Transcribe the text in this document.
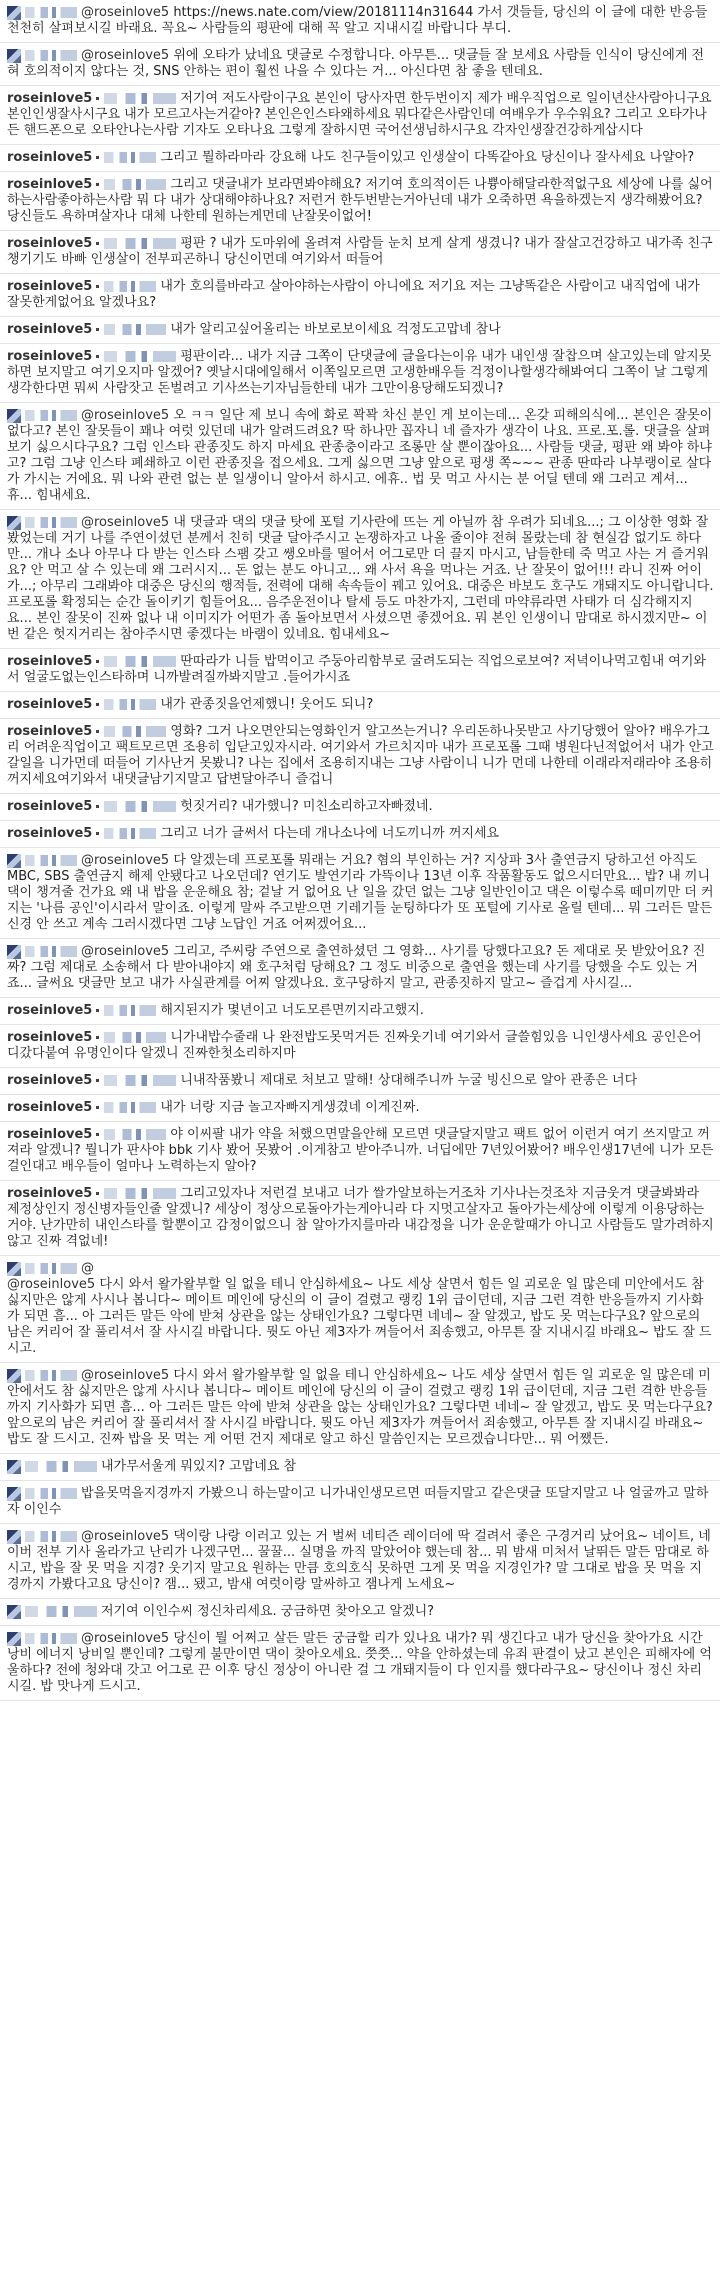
@roseinlove5 https://news.nate.com/view/20181114n31644 가서 갯들들, 당신의 이 글에 대한 반응들 천천히 살펴보시길 바래요. 꼭요~ 사람들의 평판에 대해 꼭 알고 지내시길 바랍니다 부디.
@roseinlove5 위에 오타가 났네요 댓글로 수정합니다. 아무튼... 댓글들 잘 보세요 사람들 인식이 당신에게 전혀 호의적이지 않다는 것, SNS 안하는 편이 훨씬 나을 수 있다는 거... 아신다면 참 좋을 텐데요.
roseinlove5	저기여 저도사람이구요 본인이 당사자면 한두번이지 제가 배우직업으로 일이년산사람아니구요 본인인생잘사시구요 내가 모르고사는거같아? 본인은인스타왜하세요 뭐다같은사람인데 여배우가 우수워요? 그리고 오타가나든 핸드폰으로 오타안나는사람 기자도 오타나요 그렇게 잘하시면 국어선생님하시구요 각자인생잘건강하게삽시다
roseinlove5	그리고 뭘하라마라 강요해 나도 친구들이있고 인생살이 다똑같아요 당신이나 잘사세요 나얄아?
roseinlove5	그리고 댓글내가 보라면봐야해요? 저기여 호의적이든 나쁑아해달라한적없구요 세상에 나를 싫어하는사람좋아하는사람 뭐 다 내가 상대해야하나요? 저런거 한두번받는거아닌데 내가 오죽하면 욕을하겠는지 생각해봤어요? 당신들도 욕하며살자나 대체 나한테 원하는게먼데 난잘못이없어!
roseinlove5	평판 ? 내가 도마위에 올려져 사람들 눈치 보게 살게 생겼니? 내가 잘살고건강하고 내가족 친구챙기기도 바빠 인생살이 전부피곤하니 당신이먼데 여기와서 떠들어
roseinlove5	내가 호의를바라고 살아야하는사람이 아니에요 저기요 저는 그냥똑같은 사람이고 내직업에 내가 잘못한게없어요 알겠나요?
roseinlove5	내가 알리고싶어올리는 바보로보이세요 걱정도고맙네 참나
roseinlove5	평판이라... 내가 지금 그쪽이 단댓글에 글을다는이유 내가 내인생 잘찹으며 살고있는데 알지못하면 보지말고 여기오지마 알겠어? 옛날시대에일해서 이쪽일모르면 고생한배우들 걱정이나할생각해봐여디 그쪽이 날 그렇게 생각한다면 뭐씨 사람잣고 돈벌려고 기사쓰는기자님들한테 내가 그만이용당해도되겠니?
@roseinlove5 오 ㅋㅋ 일단 제 보니 속에 화로 꽉꽉 차신 분인 게 보이는데... 온갖 피해의식에... 본인은 잘못이 없다고? 본인 잘못들이 꽤나 여럿 있던데 내가 알려드려요? 딱 하나만 꼽자니 네 즐자가 생각이 나요. 프로.포.롤. 댓글을 살펴보기 싫으시다구요? 그럼 인스타 관종짓도 하지 마세요 관종충이라고 조롱만 살 뿐이잖아요... 사람들 댓글, 평판 왜 봐야 하냐고? 그럼 그냥 인스타 폐쇄하고 이런 관종짓을 접으세요. 그게 싫으면 그냥 앞으로 평생 쪽~~~ 관종 딴따라 나부랭이로 살다가 가시는 거에요. 뭐 나와 관련 없는 분 일생이니 알아서 하시고. 에휴.. 법 뭇 먹고 사시는 분 어딜 텐데 왜 그러고 계셔... 휴... 힘내세요.
@roseinlove5 내 댓글과 댁의 댓글 탓에 포털 기사란에 뜨는 게 아닐까 참 우려가 되네요...; 그 이상한 영화 잘 봤었는데 거기 나를 주연이셨던 분께서 친히 댓글 달아주시고 논쟁하자고 나올 줄이야 전혀 몰랐는데 참 현실감 없기도 하다만... 개나 소나 아무나 다 받는 인스타 스팸 갖고 쌩오바를 떨어서 어그로만 더 끌지 마시고, 남들한테 죽 먹고 사는 거 즐거워요? 안 먹고 살 수 있는데 왜 그러시지... 돈 없는 분도 아니고... 왜 사서 욕을 먹나는 거죠. 난 잘못이 없어!!! 라니 진짜 어이가...; 아무리 그래봐야 대중은 당신의 행적들, 전력에 대해 속속들이 꿰고 있어요. 대중은 바보도 호구도 개돼지도 아니랍니다. 프로포롤 확정되는 순간 돌이키기 힘들어요... 음주운전이나 탈세 등도 마찬가지, 그런데 마약류라면 사태가 더 심각해지지요... 본인 잘못이 진짜 없나 내 이미지가 어떤가 좀 돌아보면서 사셨으면 좋겠어요. 뭐 본인 인생이니 맘대로 하시겠지만~ 이번 같은 헛지거리는 참아주시면 좋겠다는 바램이 있네요. 힘내세요~
roseinlove5	딴따라가 니들 밥먹이고 주둥아리함부로 굴려도되는 직업으로보여? 저녁이나먹고힘내 여기와서 얼굴도없는인스타하며 니까발려질까봐지말고 .들어가시죠
roseinlove5	내가 관종짓을언제했니! 웃어도 되니?
roseinlove5	영화? 그거 나오면안되는영화인거 알고쓰는거니? 우리돈하나못받고 사기당했어 알아? 배우가그리 어려운직업이고 팩트모르면 조용히 입닫고있자시라. 여기와서 가르치지마 내가 프로포롤 그때 병원다닌적없어서 내가 안고갈일을 니가먼데 떠들어 기사난거 못봤니? 나는 집에서 조용히지내는 그냥 사람이니 니가 먼데 나한테 이래라저래라야 조용히 꺼지세요여기와서 내댓글남기지말고 답변달아주니 즐겁니
roseinlove5	헛짓거리? 내가했니? 미친소리하고자빠졌네.
roseinlove5	그리고 너가 글써서 다는데 개나소나에 너도끼니까 꺼지세요
@roseinlove5 다 알겠는데 프로포롤 뭐래는 거요? 혐의 부인하는 거? 지상파 3사 출연금지 당하고선 아직도 MBC, SBS 출연금지 해제 안됐다고 나오던데? 연기도 발연기라 가뜩이나 13년 이후 작품활동도 없으시더만요... 밥? 내 끼니 댁이 챙겨줄 건가요 왜 내 밥을 운운해요 참; 겉날 거 없어요 난 일을 갔던 없는 그냥 일반인이고 댁은 이렇수록 떼미끼만 더 커지는 '나름 공인'이시라서 말이죠. 이렇게 말싸 주고받으면 기레기들 눈팅하다가 또 포털에 기사로 올릴 텐데... 뭐 그러든 말든 신경 안 쓰고 계속 그러시겠다면 그냥 노답인 거죠 어쩌겠어요...
@roseinlove5 그리고, 주씨랑 주연으로 출연하셨던 그 영화... 사기를 당했다고요? 돈 제대로 못 받았어요? 진짜? 그럼 제대로 소송해서 다 받아내야지 왜 호구처럼 당해요? 그 정도 비중으로 출연을 했는데 사기를 당했을 수도 있는 거죠... 글써요 댓글만 보고 내가 사실관계를 어찌 알겠나요. 호구당하지 말고, 관종짓하지 말고~ 즐겁게 사시길...
roseinlove5	해지된지가 몇년이고 너도모른면끼지라고했지.
roseinlove5	니가내밥수줄래 나 완전밥도못먹거든 진짜웃기네 여기와서 글쓸힘있음 니인생사세요 공인은어디갔다붙여 유명인이다 알겠니 진짜한첫소리하지마
roseinlove5	니내작품봤니 제대로 처보고 말해! 상대해주니까 누굴 빙신으로 알아 관종은 너다
roseinlove5	내가 너랑 지금 놀고자빠지게생겼네 이게진짜.
roseinlove5	야 이씨팔 내가 약을 처했으면말을안해 모르면 댓글달지말고 팩트 없어 이런거 여기 쓰지말고 꺼져라 알겠니? 뭘니가 판사야 bbk 기사 봤어 못봤어 .이게참고 받아주니까. 너딥에만 7년있어봤어? 배우인생17년에 니가 모든걸인대고 배우들이 얼마나 노력하는지 알아?
roseinlove5	그리고있자나 저런걸 보내고 너가 쌀가알보하는거조차 기사나는것조차 지금웃겨 댓글봐봐라 제정상인지 정신병자들인줄 알겠니? 세상이 정상으로돌아가는게아니라 다 지멋고살자고 돌아가는세상에 이렇게 이용당하는거야. 난가만히 내인스타를 할뿐이고 감정이없으니 참 알아가지를마라 내감정을 니가 운운할때가 아니고 사람들도 말가려하지않고 진짜 격없네!
@
@roseinlove5 다시 와서 왈가왈부할 일 없을 테니 안심하세요~ 나도 세상 살면서 힘든 일 괴로운 일 많은데 미안에서도 참 싫지만은 않게 사시나 봅니다~ 메이트 메인에 당신의 이 글이 걸렸고 랭킹 1위 급이던데, 지금 그런 격한 반응들까지 기사화가 되면 흠... 아 그러든 말든 악에 받쳐 상관을 않는 상태인가요? 그렇다면 네네~ 잘 알겠고, 밥도 못 먹는다구요? 앞으로의 남은 커리어 잘 풀리셔서 잘 사시길 바랍니다. 뭣도 아닌 제3자가 껴들어서 죄송했고, 아무튼 잘 지내시길 바래요~ 밥도 잘 드시고.
@roseinlove5 다시 와서 왈가왈부할 일 없을 테니 안심하세요~ 나도 세상 살면서 힘든 일 괴로운 일 많은데 미안에서도 참 싫지만은 않게 사시나 봅니다~ 메이트 메인에 당신의 이 글이 걸렸고 랭킹 1위 급이던데, 지금 그런 격한 반응들까지 기사화가 되면 흠... 아 그러든 말든 악에 받쳐 상관을 않는 상태인가요? 그렇다면 네네~ 잘 알겠고, 밥도 못 먹는다구요? 앞으로의 남은 커리어 잘 풀리셔서 잘 사시길 바랍니다. 뭣도 아닌 제3자가 껴들어서 죄송했고, 아무튼 잘 지내시길 바래요~ 밥도 잘 드시고. 진짜 밥을 못 먹는 게 어떤 건지 제대로 알고 하신 말씀인지는 모르겠습니다만... 뭐 어쨌든.
내가무서울게 뭐있지? 고맙네요 참
밥을못먹을지경까지 가봤으니 하는말이고 니가내인생모르면 떠들지말고 같은댓글 또달지말고 나 얼굴까고 말하자 이인수
@roseinlove5 댁이랑 나랑 이러고 있는 거 벌써 네티즌 레이더에 딱 걸려서 좋은 구경거리 났어요~ 네이트, 네이버 전부 기사 올라가고 난리가 나겠구먼... 꿀꿀... 실명을 까직 말았어야 했는데 참... 뭐 밤새 미처서 날뛰든 말든 맘대로 하시고, 밥을 잘 못 먹을 지경? 웃기지 말고요 원하는 만큼 호의호식 못하면 그게 못 먹을 지경인가? 말 그대로 밥을 못 먹을 지경까지 가봤다고요 당신이? 잼... 됐고, 밤새 여럿이랑 말싸하고 잼나게 노세요~
저기여 이인수씨 정신차리세요. 궁금하면 찾아오고 알겠니?
@roseinlove5 당신이 뭘 어쩌고 살든 말든 궁금할 리가 있나요 내가? 뭐 생긴다고 내가 당신을 찾아가요 시간낭비 에너지 낭비일 뿐인데? 그렇게 불만이면 댁이 찾아오세요. 쯧쯧... 약을 안하셨는데 유죄 판결이 났고 본인은 피해자에 억울하다? 전에 청와대 갓고 어그로 끈 이후 당신 정상이 아니란 걸 그 개돼지들이 다 인지를 했다라구요~ 당신이나 정신 차리시길. 밥 맛나게 드시고.
